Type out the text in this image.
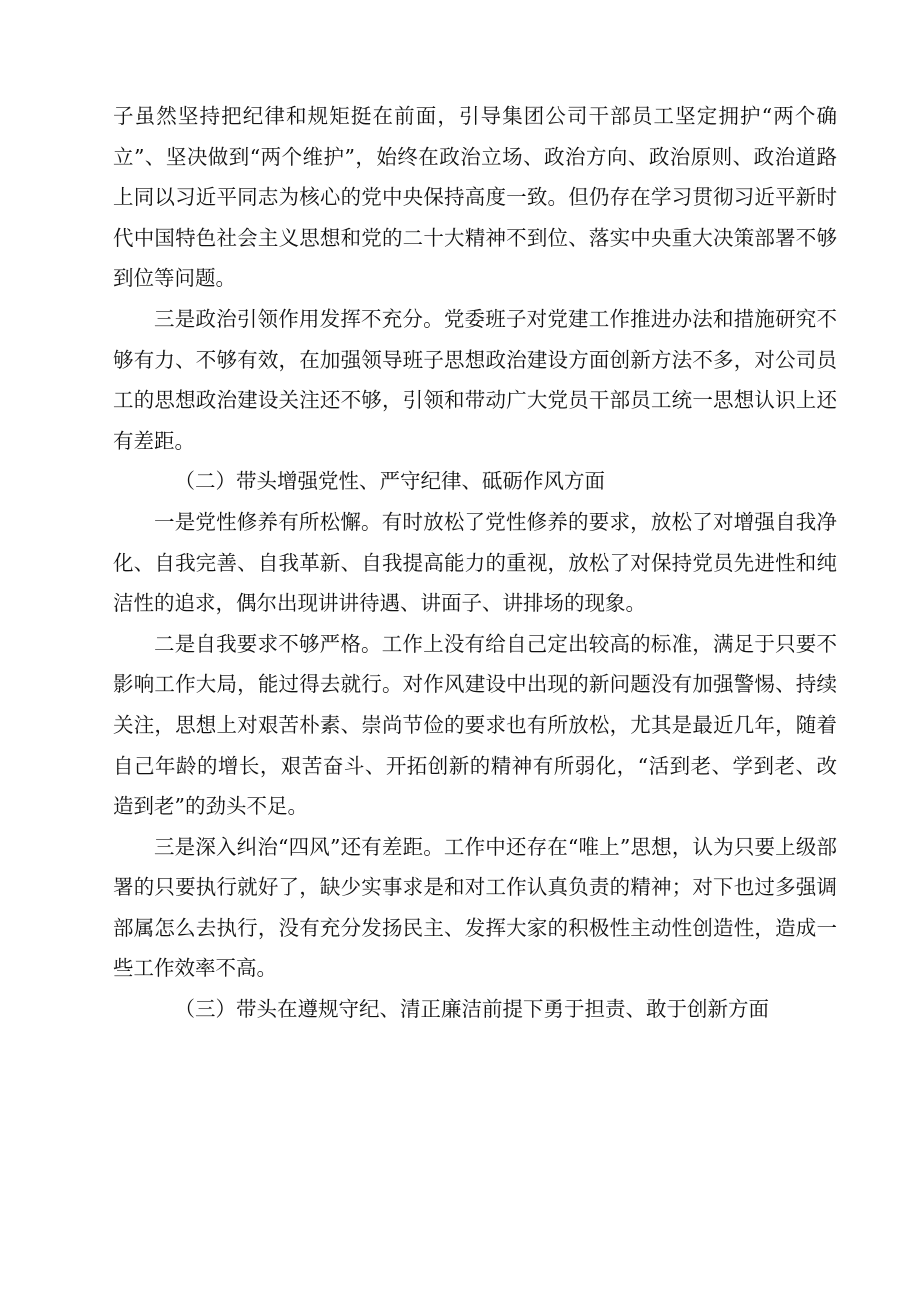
子虽然坚持把纪律和规矩挺在前面，引导集团公司干部员工坚定拥护“两个确立”、坚决做到“两个维护”，始终在政治立场、政治方向、政治原则、政治道路上同以习近平同志为核心的党中央保持高度一致。但仍存在学习贯彻习近平新时代中国特色社会主义思想和党的二十大精神不到位、落实中央重大决策部署不够到位等问题。

三是政治引领作用发挥不充分。党委班子对党建工作推进办法和措施研究不够有力、不够有效，在加强领导班子思想政治建设方面创新方法不多，对公司员工的思想政治建设关注还不够，引领和带动广大党员干部员工统一思想认识上还有差距。

（二）带头增强党性、严守纪律、砥砺作风方面

一是党性修养有所松懈。有时放松了党性修养的要求，放松了对增强自我净化、自我完善、自我革新、自我提高能力的重视，放松了对保持党员先进性和纯洁性的追求，偶尔出现讲讲待遇、讲面子、讲排场的现象。

二是自我要求不够严格。工作上没有给自己定出较高的标准，满足于只要不影响工作大局，能过得去就行。对作风建设中出现的新问题没有加强警惕、持续关注，思想上对艰苦朴素、崇尚节俭的要求也有所放松，尤其是最近几年，随着自己年龄的增长，艰苦奋斗、开拓创新的精神有所弱化，“活到老、学到老、改造到老”的劲头不足。

三是深入纠治“四风”还有差距。工作中还存在“唯上”思想，认为只要上级部署的只要执行就好了，缺少实事求是和对工作认真负责的精神；对下也过多强调部属怎么去执行，没有充分发扬民主、发挥大家的积极性主动性创造性，造成一些工作效率不高。

（三）带头在遵规守纪、清正廉洁前提下勇于担责、敢于创新方面
